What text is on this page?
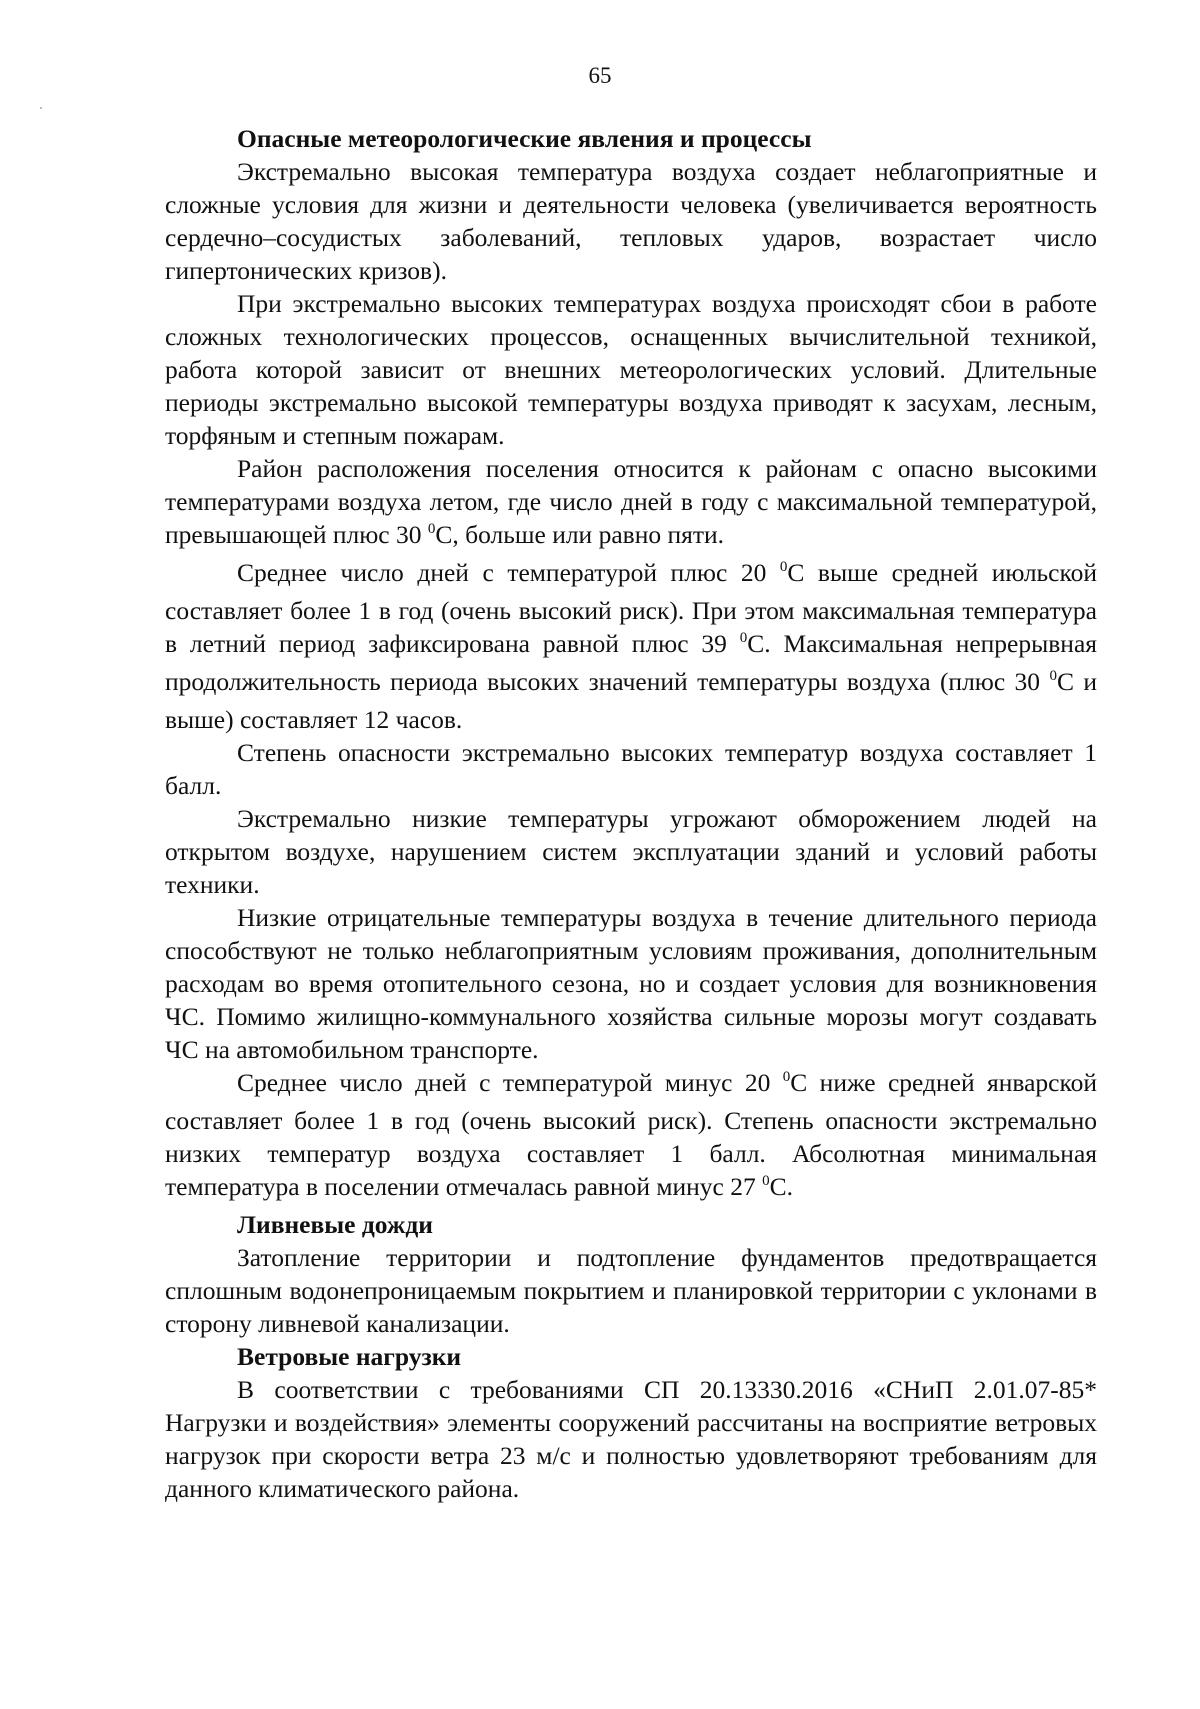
65

Опасные метеорологические явления и процессы

Экстремально высокая температура воздуха создает неблагоприятные и сложные условия для жизни и деятельности человека (увеличивается вероятность сердечно–сосудистых заболеваний, тепловых ударов, возрастает число гипертонических кризов).

При экстремально высоких температурах воздуха происходят сбои в работе сложных технологических процессов, оснащенных вычислительной техникой, работа которой зависит от внешних метеорологических условий. Длительные периоды экстремально высокой температуры воздуха приводят к засухам, лесным, торфяным и степным пожарам.

Район расположения поселения относится к районам с опасно высокими температурами воздуха летом, где число дней в году с максимальной температурой, превышающей плюс 30 $^0$С, больше или равно пяти.

Среднее число дней с температурой плюс 20 $^0$С выше средней июльской составляет более 1 в год (очень высокий риск). При этом максимальная температура в летний период зафиксирована равной плюс 39 $^0$С. Максимальная непрерывная продолжительность периода высоких значений температуры воздуха (плюс 30 $^0$С и выше) составляет 12 часов.

Степень опасности экстремально высоких температур воздуха составляет 1 балл.

Экстремально низкие температуры угрожают обморожением людей на открытом воздухе, нарушением систем эксплуатации зданий и условий работы техники.

Низкие отрицательные температуры воздуха в течение длительного периода способствуют не только неблагоприятным условиям проживания, дополнительным расходам во время отопительного сезона, но и создает условия для возникновения ЧС. Помимо жилищно-коммунального хозяйства сильные морозы могут создавать ЧС на автомобильном транспорте.

Среднее число дней с температурой минус 20 $^0$С ниже средней январской составляет более 1 в год (очень высокий риск). Степень опасности экстремально низких температур воздуха составляет 1 балл. Абсолютная минимальная температура в поселении отмечалась равной минус 27 $^0$С.

Ливневые дожди

Затопление территории и подтопление фундаментов предотвращается сплошным водонепроницаемым покрытием и планировкой территории с уклонами в сторону ливневой канализации.

Ветровые нагрузки

В соответствии с требованиями СП 20.13330.2016 «СНиП 2.01.07-85* Нагрузки и воздействия» элементы сооружений рассчитаны на восприятие ветровых нагрузок при скорости ветра 23 м/с и полностью удовлетворяют требованиям для данного климатического района.
